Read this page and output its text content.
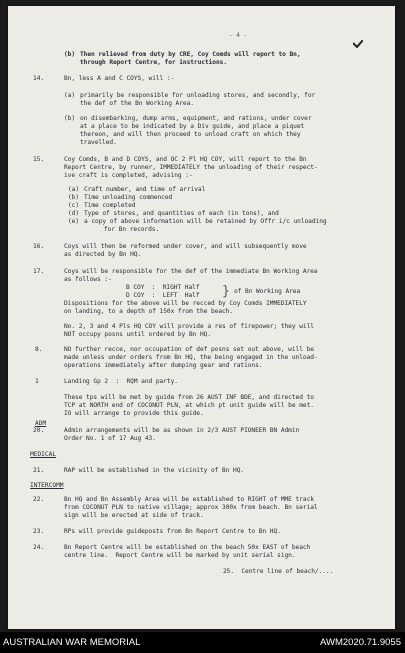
- 4 -
(b) Then relieved from duty by CRE, Coy Comds will report to Bn,
through Report Centre, for instructions.
14.	Bn, less A and C COYS, will :-
(a) primarily be responsible for unloading stores, and secondly, for
the def of the Bn Working Area.
(b) on disembarking, dump arms, equipment, and rations, under cover
at a place to be indicated by a Div guide, and place a piquet
thereon, and will then proceed to unload craft on which they
travelled.
15.	Coy Comds, B and D COYS, and OC 2 Pl HQ COY, will report to the Bn
Report Centre, by runner, IMMEDIATELY the unloading of their respect-
ive craft is completed, advising :-
(a) Craft number, and time of arrival
(b) Time unloading commenced
(c) Time completed
(d) Type of stores, and quantities of each (in tons), and
(e) a copy of above information will be retained by Offr i/c unloading
for Bn records.
16.	Coys will then be reformed under cover, and will subsequently move
as directed by Bn HQ.
17.	Coys will be responsible for the def of the immediate Bn Working Area
as follows :-
B COY  :  RIGHT Half
D COY  :  LEFT  Half } of Bn Working Area
Dispositions for the above will be recced by Coy Comds IMMEDIATELY
on landing, to a depth of 150x from the beach.
No. 2, 3 and 4 Pls HQ COY will provide a res of firepower; they will
NOT occupy posns until ordered by Bn HQ.
8.	NO further recce, nor occupation of def posns set out above, will be
made unless under orders from Bn HQ, the being engaged in the unload-
operations immediately after dumping gear and rations.
1	Landing Gp 2  :  RQM and party.
These tps will be met by guide from 26 AUST INF BDE, and directed to
TCP at NORTH end of COCONUT PLN, at which pt unit guide will be met.
IO will arrange to provide this guide.
ADM
20.	Admin arrangements will be as shown in 2/3 AUST PIONEER BN Admin
Order No. 1 of 17 Aug 43.
MEDICAL
21.	RAP will be established in the vicinity of Bn HQ.
INTERCOMM
22.	Bn HQ and Bn Assembly Area will be established to RIGHT of MME track
from COCONUT PLN to native village; approx 300x from beach. Bn serial
sign will be erected at side of track.
23.	RPs will provide guideposts from Bn Report Centre to Bn HQ.
24.	Bn Report Centre will be established on the beach 50x EAST of beach
centre line.  Report Centre will be marked by unit serial sign.
25.  Centre line of beach/....
AUSTRALIAN WAR MEMORIAL	AWM2020.71.9055
